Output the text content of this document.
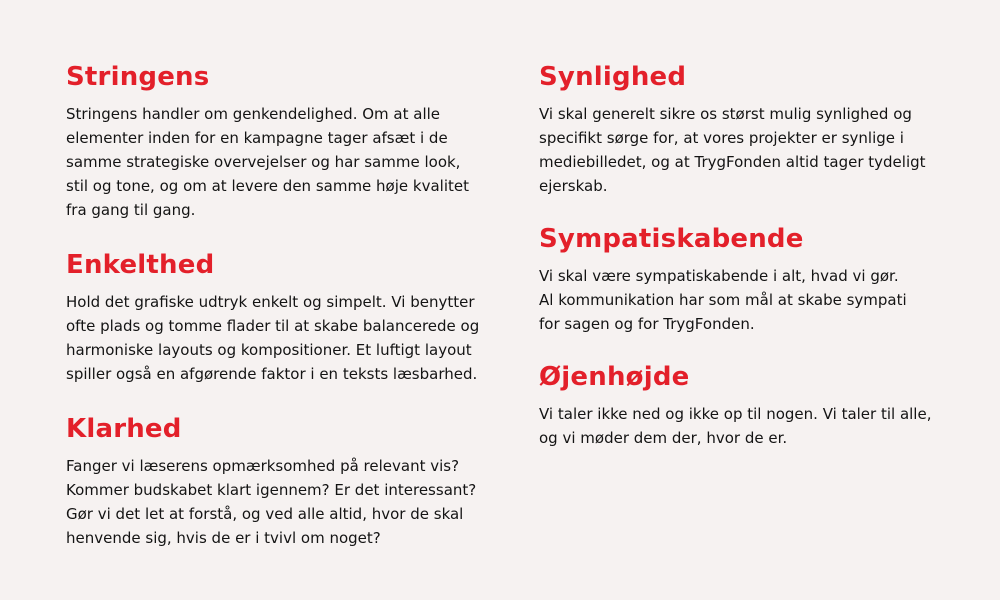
Stringens

Stringens handler om genkendelighed. Om at alle
elementer inden for en kampagne tager afsæt i de
samme strategiske overvejelser og har samme look,
stil og tone, og om at levere den samme høje kvalitet
fra gang til gang.

Enkelthed

Hold det grafiske udtryk enkelt og simpelt. Vi benytter
ofte plads og tomme flader til at skabe balancerede og
harmoniske layouts og kompositioner. Et luftigt layout
spiller også en afgørende faktor i en teksts læsbarhed.

Klarhed

Fanger vi læserens opmærksomhed på relevant vis?
Kommer budskabet klart igennem? Er det interessant?
Gør vi det let at forstå, og ved alle altid, hvor de skal
henvende sig, hvis de er i tvivl om noget?

Synlighed

Vi skal generelt sikre os størst mulig synlighed og
specifikt sørge for, at vores projekter er synlige i
mediebilledet, og at TrygFonden altid tager tydeligt
ejerskab.

Sympatiskabende

Vi skal være sympatiskabende i alt, hvad vi gør.
Al kommunikation har som mål at skabe sympati
for sagen og for TrygFonden.

Øjenhøjde

Vi taler ikke ned og ikke op til nogen. Vi taler til alle,
og vi møder dem der, hvor de er.
